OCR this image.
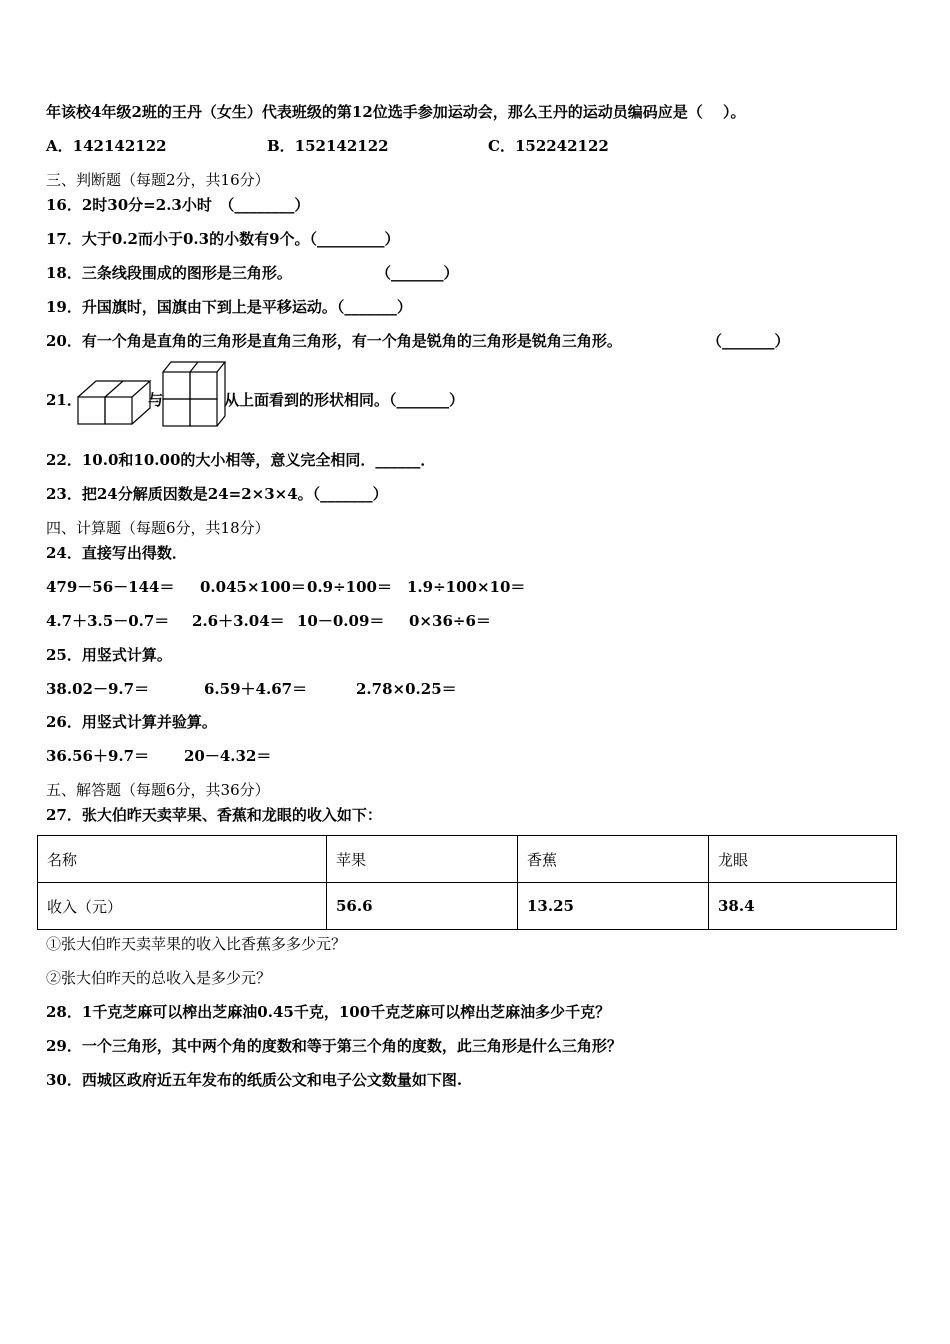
年该校4年级2班的王丹（女生）代表班级的第12位选手参加运动会，那么王丹的运动员编码应是（　 ）。
A．142142122	B．152142122	C．152242122
三、判断题（每题2分，共16分）
16．2时30分=2.3小时　（________）
17．大于0.2而小于0.3的小数有9个。（_________）
18．三条线段围成的图形是三角形。	（_______）
19．升国旗时，国旗由下到上是平移运动。（_______）
20．有一个角是直角的三角形是直角三角形，有一个角是锐角的三角形是锐角三角形。	（_______）
21．	与	从上面看到的形状相同。（_______）
22．10.0和10.00的大小相等，意义完全相同．______．
23．把24分解质因数是24=2×3×4。（_______）
四、计算题（每题6分，共18分）
24．直接写出得数．
479－56－144＝ 0.045×100＝ 0.9÷100＝ 1.9÷100×10＝
4.7＋3.5－0.7＝ 2.6＋3.04＝ 10－0.09＝ 0×36÷6＝
25．用竖式计算。
38.02－9.7＝	6.59＋4.67＝	2.78×0.25＝
26．用竖式计算并验算。
36.56＋9.7＝ 20－4.32＝
五、解答题（每题6分，共36分）
27．张大伯昨天卖苹果、香蕉和龙眼的收入如下：
名称	苹果	香蕉	龙眼
收入（元）	56.6	13.25	38.4
①张大伯昨天卖苹果的收入比香蕉多多少元？
②张大伯昨天的总收入是多少元？
28．1千克芝麻可以榨出芝麻油0.45千克，100千克芝麻可以榨出芝麻油多少千克？
29．一个三角形，其中两个角的度数和等于第三个角的度数，此三角形是什么三角形？
30．西城区政府近五年发布的纸质公文和电子公文数量如下图.
